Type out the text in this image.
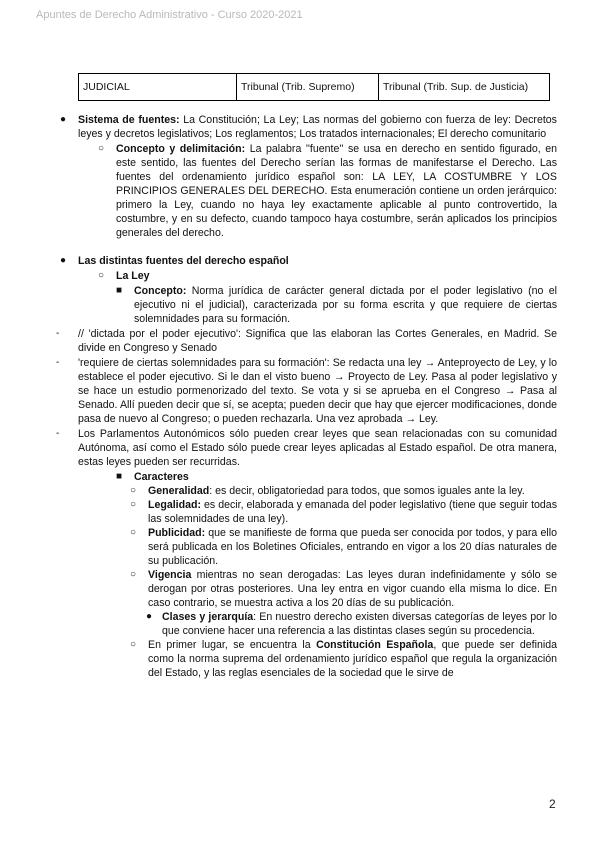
Apuntes de Derecho Administrativo - Curso 2020-2021
JUDICIAL	Tribunal (Trib. Supremo)	Tribunal (Trib. Sup. de Justicia)
● Sistema de fuentes: La Constitución; La Ley; Las normas del gobierno con fuerza de ley: Decretos leyes y decretos legislativos; Los reglamentos; Los tratados internacionales; El derecho comunitario
○ Concepto y delimitación: La palabra ''fuente'' se usa en derecho en sentido figurado, en este sentido, las fuentes del Derecho serían las formas de manifestarse el Derecho. Las fuentes del ordenamiento jurídico español son: LA LEY, LA COSTUMBRE Y LOS PRINCIPIOS GENERALES DEL DERECHO. Esta enumeración contiene un orden jerárquico: primero la Ley, cuando no haya ley exactamente aplicable al punto controvertido, la costumbre, y en su defecto, cuando tampoco haya costumbre, serán aplicados los principios generales del derecho.
● Las distintas fuentes del derecho español
○ La Ley
■ Concepto: Norma jurídica de carácter general dictada por el poder legislativo (no el ejecutivo ni el judicial), caracterizada por su forma escrita y que requiere de ciertas solemnidades para su formación.
- // 'dictada por el poder ejecutivo': Significa que las elaboran las Cortes Generales, en Madrid. Se divide en Congreso y Senado
- 'requiere de ciertas solemnidades para su formación': Se redacta una ley → Anteproyecto de Ley, y lo establece el poder ejecutivo. Si le dan el visto bueno → Proyecto de Ley. Pasa al poder legislativo y se hace un estudio pormenorizado del texto. Se vota y si se aprueba en el Congreso → Pasa al Senado. Allí pueden decir que sí, se acepta; pueden decir que hay que ejercer modificaciones, donde pasa de nuevo al Congreso; o pueden rechazarla. Una vez aprobada → Ley.
- Los Parlamentos Autonómicos sólo pueden crear leyes que sean relacionadas con su comunidad Autónoma, así como el Estado sólo puede crear leyes aplicadas al Estado español. De otra manera, estas leyes pueden ser recurridas.
■ Caracteres
○ Generalidad: es decir, obligatoriedad para todos, que somos iguales ante la ley.
○ Legalidad: es decir, elaborada y emanada del poder legislativo (tiene que seguir todas las solemnidades de una ley).
○ Publicidad: que se manifieste de forma que pueda ser conocida por todos, y para ello será publicada en los Boletines Oficiales, entrando en vigor a los 20 días naturales de su publicación.
○ Vigencia mientras no sean derogadas: Las leyes duran indefinidamente y sólo se derogan por otras posteriores. Una ley entra en vigor cuando ella misma lo dice. En caso contrario, se muestra activa a los 20 días de su publicación.
● Clases y jerarquía: En nuestro derecho existen diversas categorías de leyes por lo que conviene hacer una referencia a las distintas clases según su procedencia.
○ En primer lugar, se encuentra la Constitución Española, que puede ser definida como la norma suprema del ordenamiento jurídico español que regula la organización del Estado, y las reglas esenciales de la sociedad que le sirve de
2
